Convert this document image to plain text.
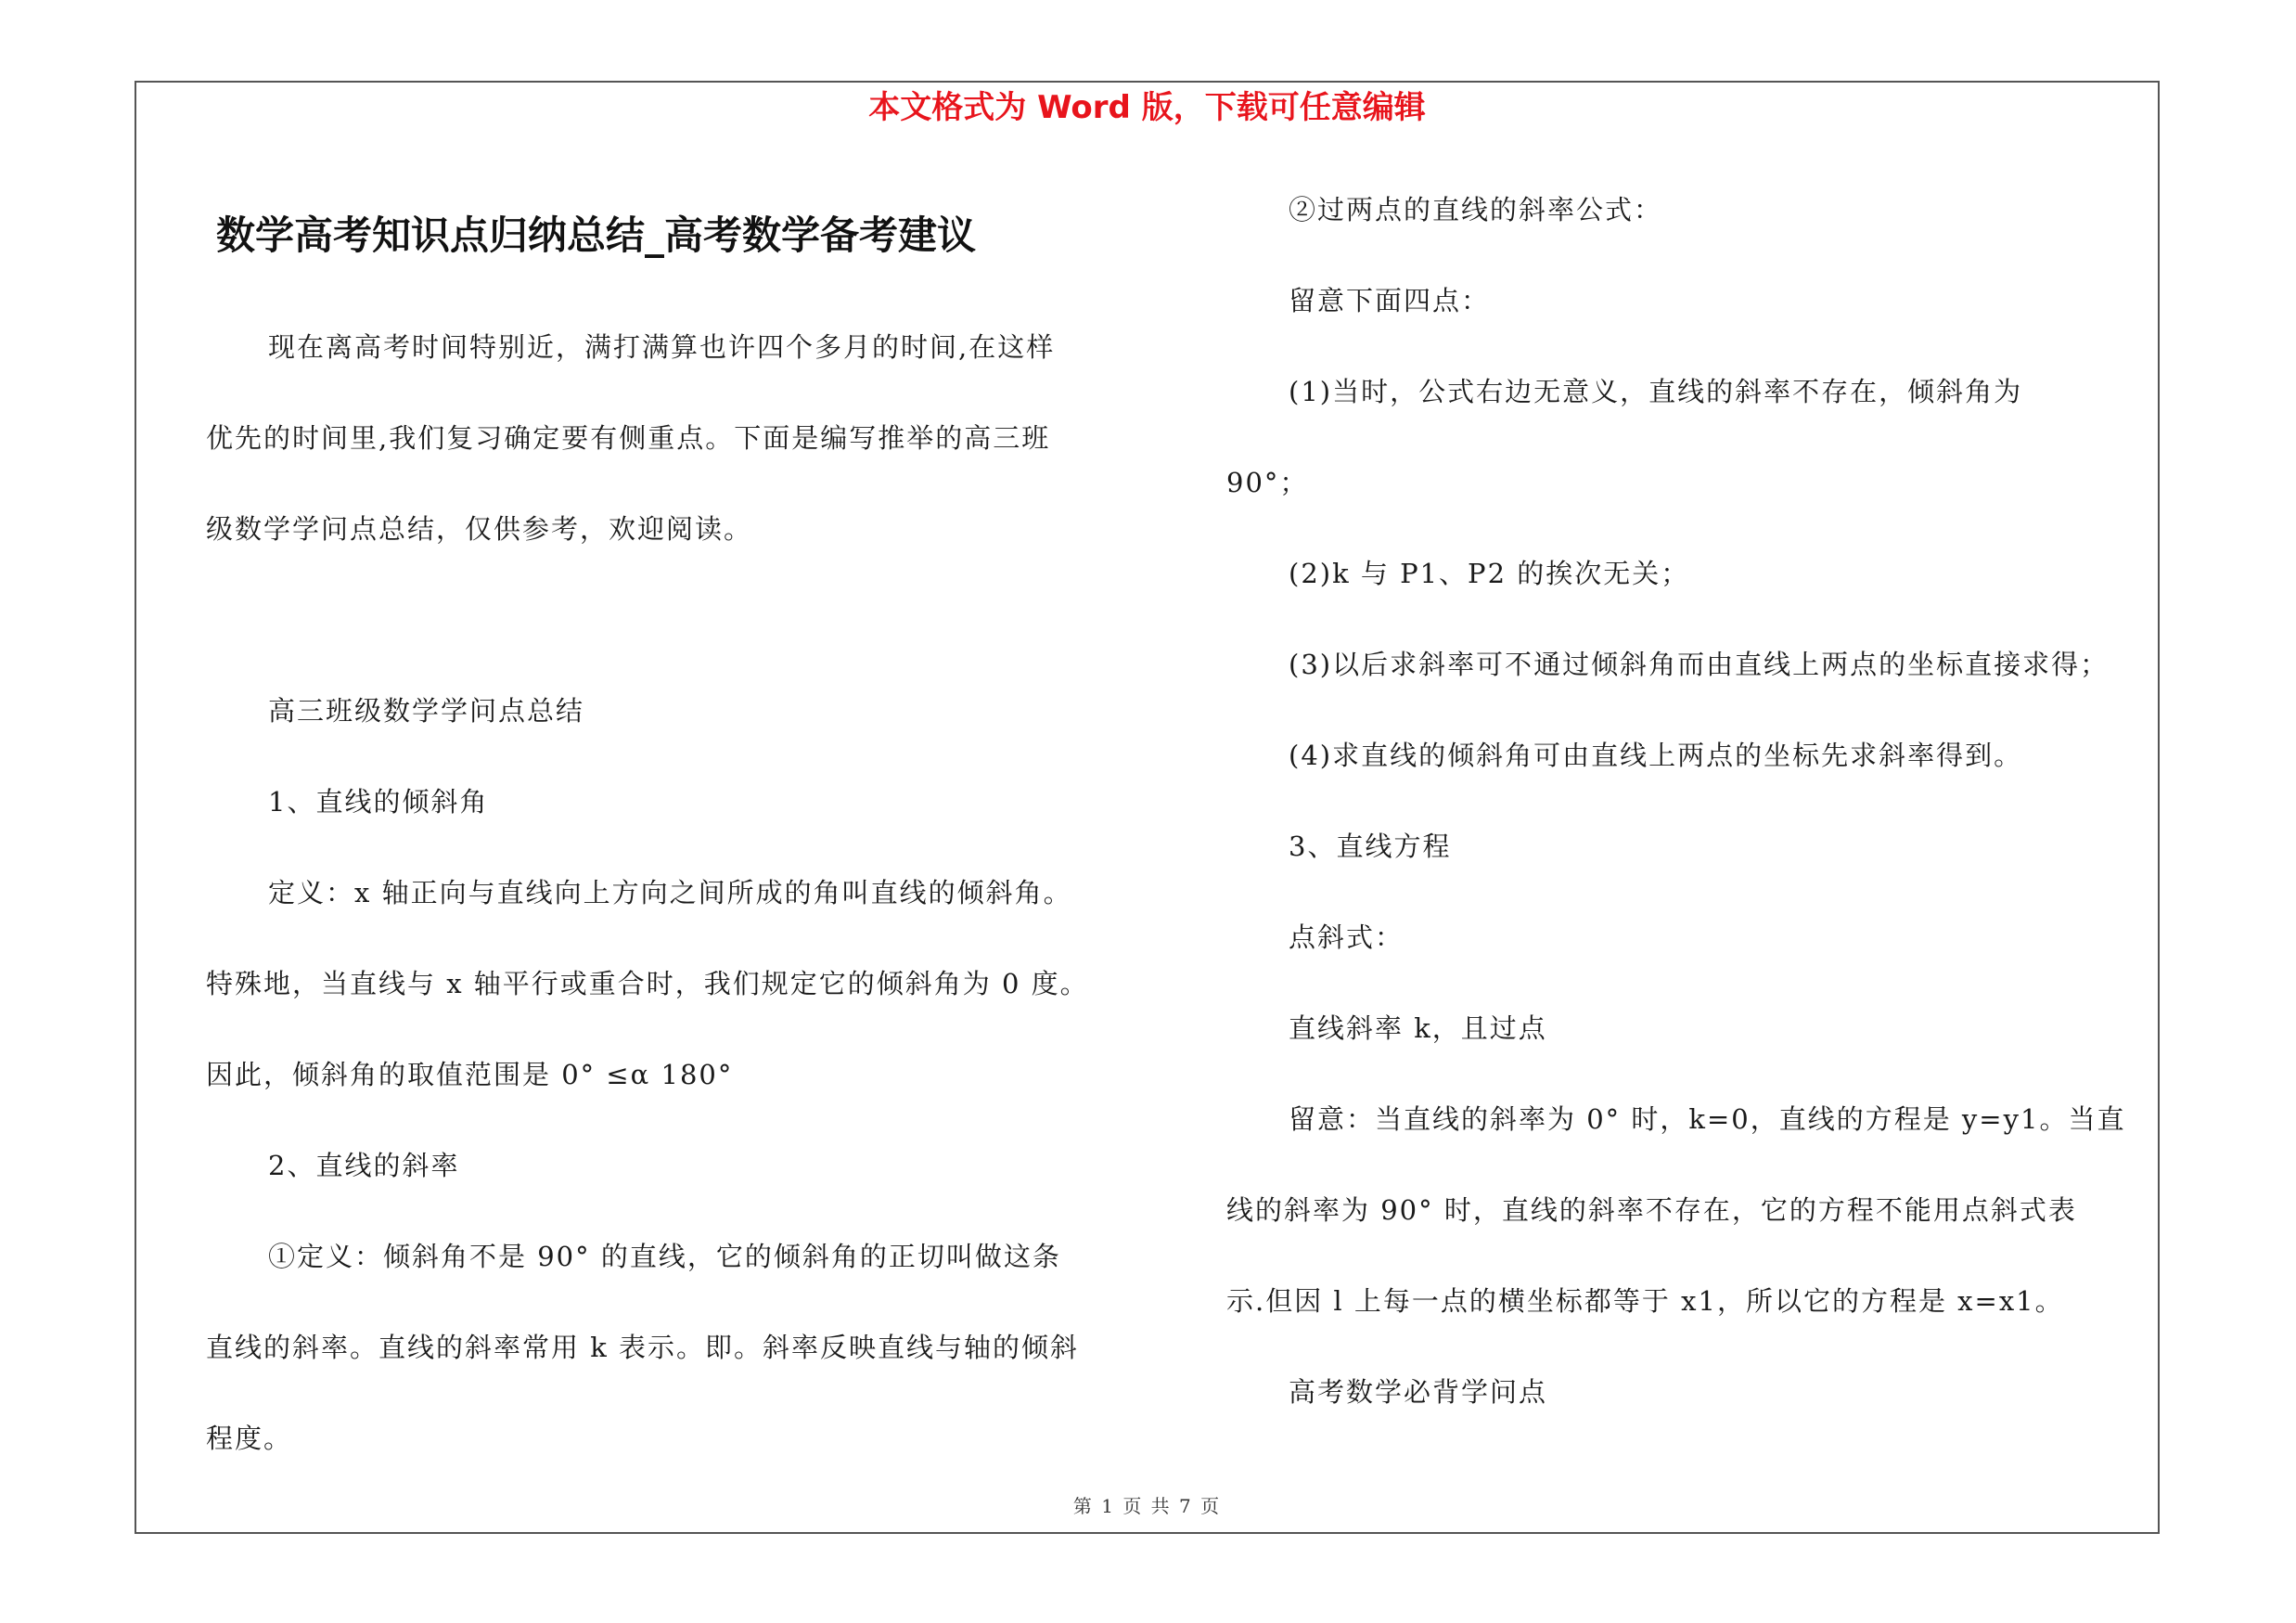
本文格式为 Word 版，下载可任意编辑
数学高考知识点归纳总结_高考数学备考建议
现在离高考时间特别近，满打满算也许四个多月的时间,在这样
优先的时间里,我们复习确定要有侧重点。下面是编写推举的高三班
级数学学问点总结，仅供参考，欢迎阅读。
高三班级数学学问点总结
1、直线的倾斜角
定义：x 轴正向与直线向上方向之间所成的角叫直线的倾斜角。
特殊地，当直线与 x 轴平行或重合时，我们规定它的倾斜角为 0 度。
因此，倾斜角的取值范围是 0° ≤α 180°
2、直线的斜率
①定义：倾斜角不是 90° 的直线，它的倾斜角的正切叫做这条
直线的斜率。直线的斜率常用 k 表示。即。斜率反映直线与轴的倾斜
程度。
②过两点的直线的斜率公式：
留意下面四点：
(1)当时，公式右边无意义，直线的斜率不存在，倾斜角为
90°；
(2)k 与 P1、P2 的挨次无关；
(3)以后求斜率可不通过倾斜角而由直线上两点的坐标直接求得；
(4)求直线的倾斜角可由直线上两点的坐标先求斜率得到。
3、直线方程
点斜式：
直线斜率 k，且过点
留意：当直线的斜率为 0° 时，k=0，直线的方程是 y=y1。当直
线的斜率为 90° 时，直线的斜率不存在，它的方程不能用点斜式表
示.但因 l 上每一点的横坐标都等于 x1，所以它的方程是 x=x1。
高考数学必背学问点
第 1 页 共 7 页
